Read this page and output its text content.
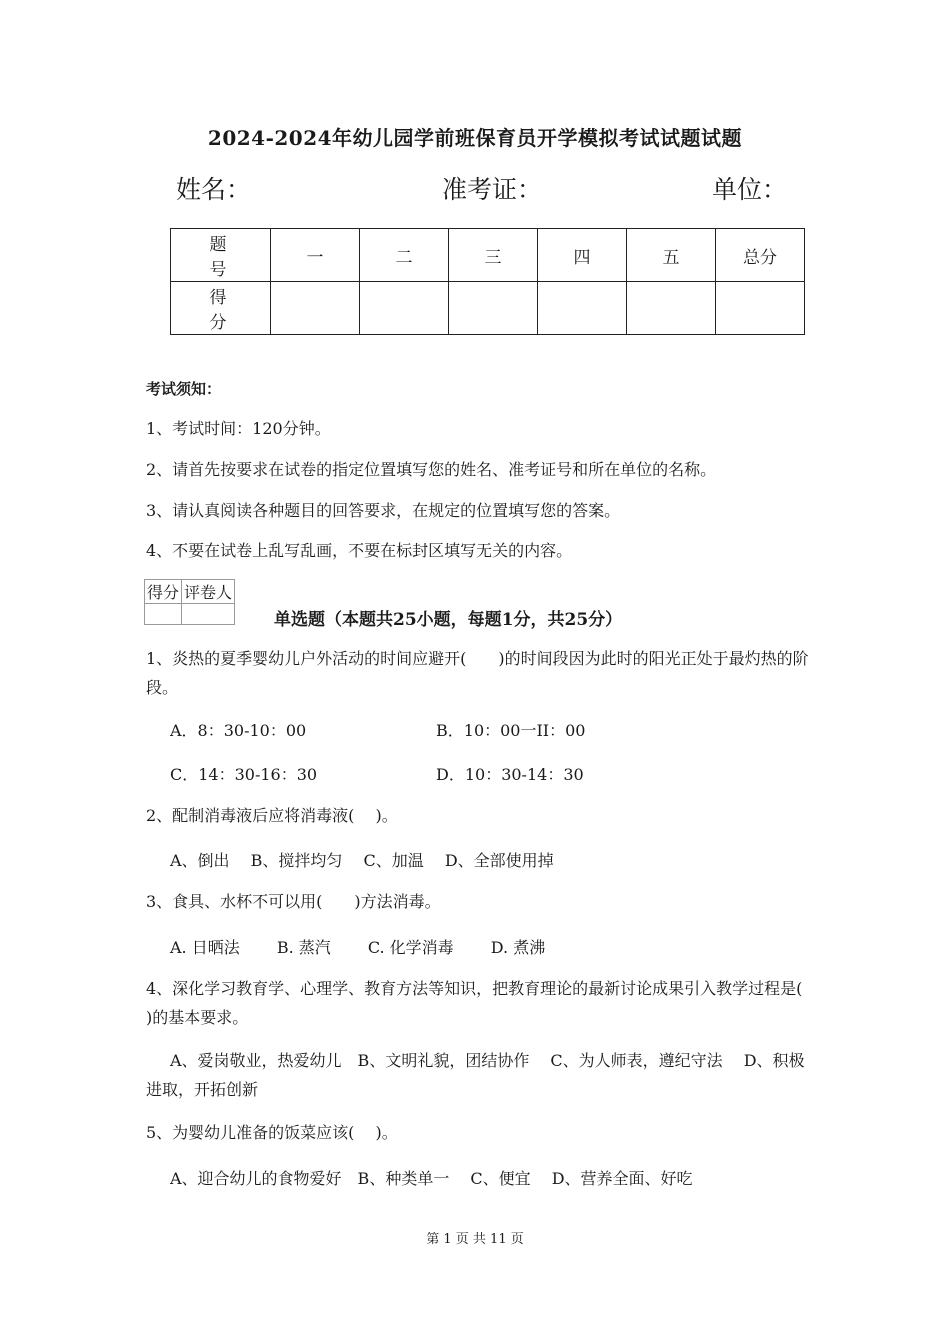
2024-2024年幼儿园学前班保育员开学模拟考试试题试题
姓名：	准考证：	单位：
题 号	一	二	三	四	五	总分
得 分						
考试须知：
1、考试时间：120分钟。
2、请首先按要求在试卷的指定位置填写您的姓名、准考证号和所在单位的名称。
3、请认真阅读各种题目的回答要求，在规定的位置填写您的答案。
4、不要在试卷上乱写乱画，不要在标封区填写无关的内容。
得分	评卷人

单选题（本题共25小题，每题1分，共25分）
1、炎热的夏季婴幼儿户外活动的时间应避开(　　)的时间段因为此时的阳光正处于最灼热的阶段。
A．8：30-10：00	B．10：00一II：00
C．14：30-16：30	D．10：30-14：30
2、配制消毒液后应将消毒液(　 )。
A、倒出　 B、搅拌均匀　 C、加温　 D、全部使用掉
3、食具、水杯不可以用(　　)方法消毒。
A. 日晒法　　 B. 蒸汽　　 C. 化学消毒　　 D. 煮沸
4、深化学习教育学、心理学、教育方法等知识，把教育理论的最新讨论成果引入教学过程是(　 )的基本要求。
A、爱岗敬业，热爱幼儿　B、文明礼貌，团结协作　 C、为人师表，遵纪守法　 D、积极进取，开拓创新
5、为婴幼儿准备的饭菜应该(　 )。
A、迎合幼儿的食物爱好　B、种类单一　 C、便宜　 D、营养全面、好吃
第 1 页 共 11 页
